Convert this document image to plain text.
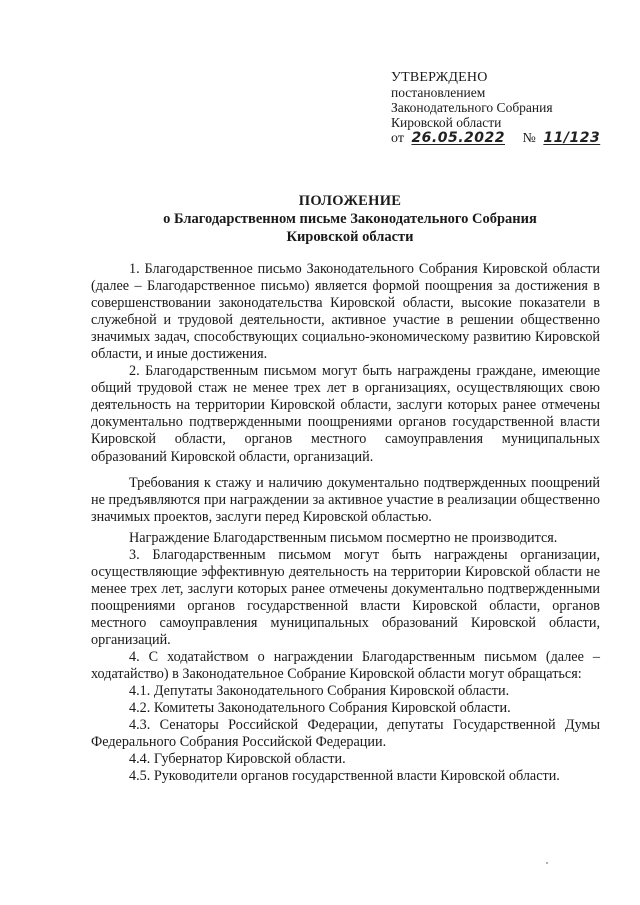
УТВЕРЖДЕНО
постановлением
Законодательного Собрания
Кировской области
от 26.05.2022 № 11/123
ПОЛОЖЕНИЕ
о Благодарственном письме Законодательного Собрания
Кировской области

1. Благодарственное письмо Законодательного Собрания Кировской области (далее – Благодарственное письмо) является формой поощрения за достижения в совершенствовании законодательства Кировской области, высокие показатели в служебной и трудовой деятельности, активное участие в решении общественно значимых задач, способствующих социально-экономическому развитию Кировской области, и иные достижения.

2. Благодарственным письмом могут быть награждены граждане, имеющие общий трудовой стаж не менее трех лет в организациях, осуществляющих свою деятельность на территории Кировской области, заслуги которых ранее отмечены документально подтвержденными поощрениями органов государственной власти Кировской области, органов местного самоуправления муниципальных образований Кировской области, организаций.

Требования к стажу и наличию документально подтвержденных поощрений не предъявляются при награждении за активное участие в реализации общественно значимых проектов, заслуги перед Кировской областью.

Награждение Благодарственным письмом посмертно не производится.

3. Благодарственным письмом могут быть награждены организации, осуществляющие эффективную деятельность на территории Кировской области не менее трех лет, заслуги которых ранее отмечены документально подтвержденными поощрениями органов государственной власти Кировской области, органов местного самоуправления муниципальных образований Кировской области, организаций.

4. С ходатайством о награждении Благодарственным письмом (далее – ходатайство) в Законодательное Собрание Кировской области могут обращаться:

4.1. Депутаты Законодательного Собрания Кировской области.

4.2. Комитеты Законодательного Собрания Кировской области.

4.3. Сенаторы Российской Федерации, депутаты Государственной Думы Федерального Собрания Российской Федерации.

4.4. Губернатор Кировской области.

4.5. Руководители органов государственной власти Кировской области.
